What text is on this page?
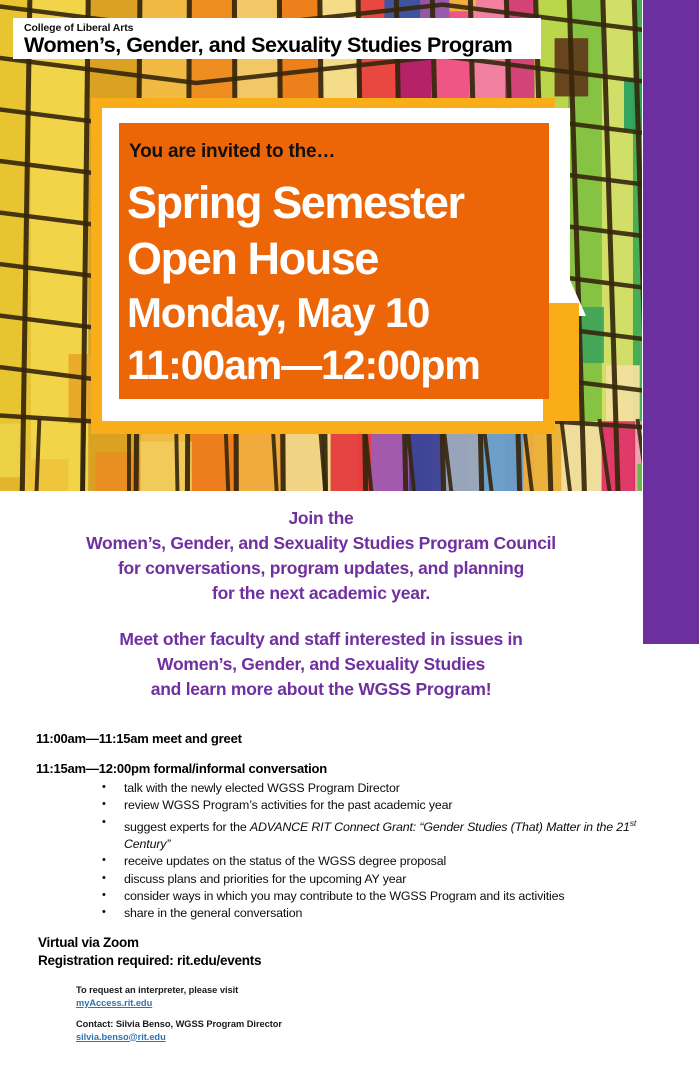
College of Liberal Arts
Women’s, Gender, and Sexuality Studies Program
You are invited to the…
Spring Semester
Open House
Monday, May 10
11:00am—12:00pm
Join the
Women’s, Gender, and Sexuality Studies Program Council
for conversations, program updates, and planning
for the next academic year.
Meet other faculty and staff interested in issues in
Women’s, Gender, and Sexuality Studies
and learn more about the WGSS Program!
11:00am—11:15am meet and greet
11:15am—12:00pm formal/informal conversation
• talk with the newly elected WGSS Program Director
• review WGSS Program’s activities for the past academic year
• suggest experts for the ADVANCE RIT Connect Grant: “Gender Studies (That) Matter in the 21st Century”
• receive updates on the status of the WGSS degree proposal
• discuss plans and priorities for the upcoming AY year
• consider ways in which you may contribute to the WGSS Program and its activities
• share in the general conversation
Virtual via Zoom
Registration required: rit.edu/events
To request an interpreter, please visit
myAccess.rit.edu
Contact: Silvia Benso, WGSS Program Director
silvia.benso@rit.edu
